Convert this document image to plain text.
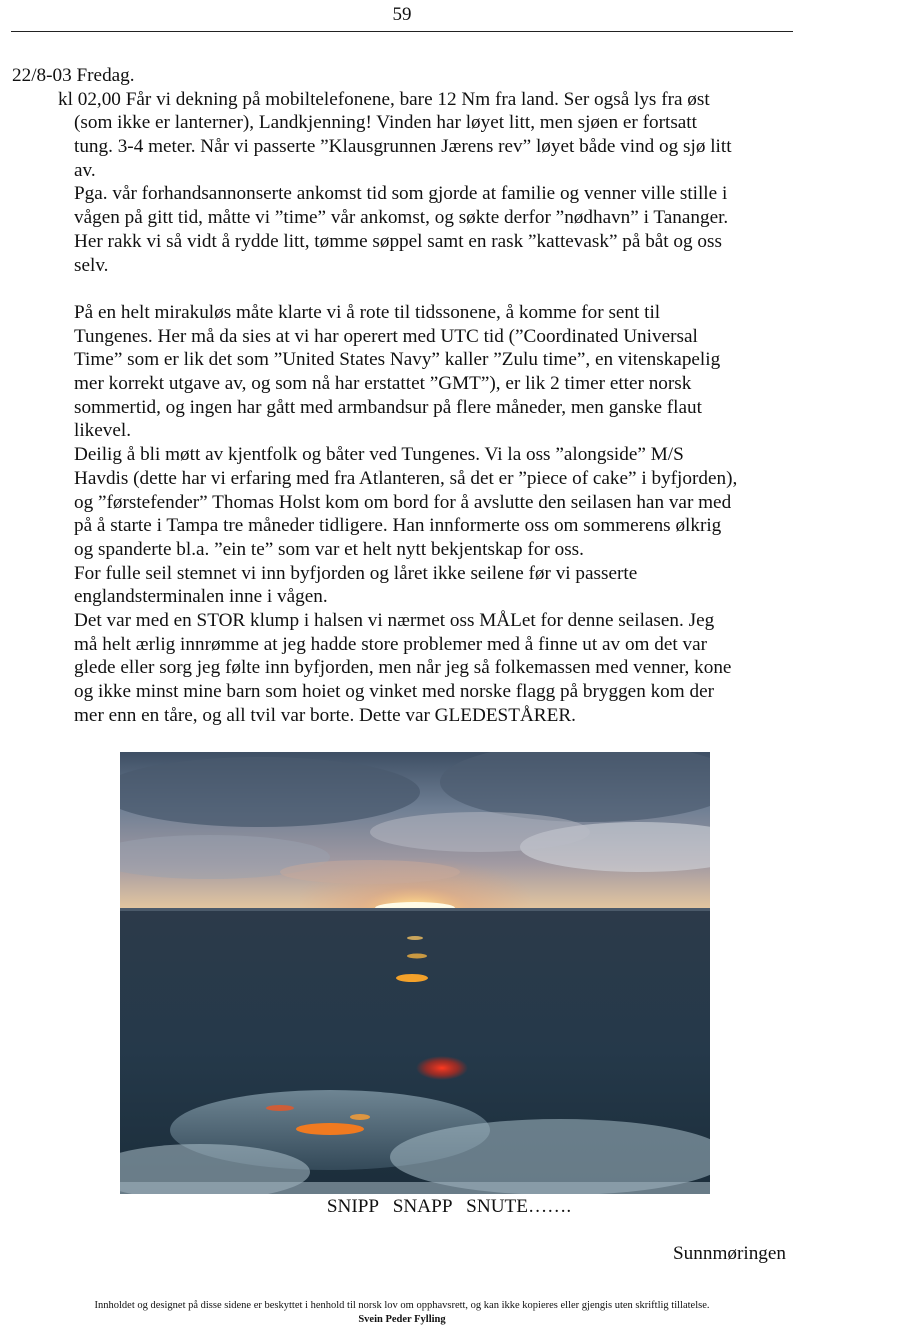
59
22/8-03 Fredag.
kl 02,00 Får vi dekning på mobiltelefonene, bare 12 Nm fra land. Ser også lys fra øst
(som ikke er lanterner), Landkjenning! Vinden har løyet litt, men sjøen er fortsatt
tung. 3-4 meter. Når vi passerte ”Klausgrunnen Jærens rev” løyet både vind og sjø litt
av.
Pga. vår forhandsannonserte ankomst tid som gjorde at familie og venner ville stille i
vågen på gitt tid, måtte vi ”time” vår ankomst, og søkte derfor ”nødhavn” i Tananger.
Her rakk vi så vidt å rydde litt, tømme søppel samt en rask ”kattevask” på båt og oss
selv.
På en helt mirakuløs måte klarte vi å rote til tidssonene, å komme for sent til
Tungenes. Her må da sies at vi har operert med UTC tid (”Coordinated Universal
Time” som er lik det som ”United States Navy” kaller ”Zulu time”, en vitenskapelig
mer korrekt utgave av, og som nå har erstattet ”GMT”), er lik 2 timer etter norsk
sommertid, og ingen har gått med armbandsur på flere måneder, men ganske flaut
likevel.
Deilig å bli møtt av kjentfolk og båter ved Tungenes. Vi la oss ”alongside” M/S
Havdis (dette har vi erfaring med fra Atlanteren, så det er ”piece of cake” i byfjorden),
og ”førstefender” Thomas Holst kom om bord for å avslutte den seilasen han var med
på å starte i Tampa tre måneder tidligere. Han innformerte oss om sommerens ølkrig
og spanderte bl.a. ”ein te” som var et helt nytt bekjentskap for oss.
For fulle seil stemnet vi inn byfjorden og låret ikke seilene før vi passerte
englandsterminalen inne i vågen.
Det var med en STOR klump i halsen vi nærmet oss MÅLet for denne seilasen. Jeg
må helt ærlig innrømme at jeg hadde store problemer med å finne ut av om det var
glede eller sorg jeg følte inn byfjorden, men når jeg så folkemassen med venner, kone
og ikke minst mine barn som hoiet og vinket med norske flagg på bryggen kom der
mer enn en tåre, og all tvil var borte. Dette var GLEDESTÅRER.
SNIPP   SNAPP   SNUTE…….
Sunnmøringen
Innholdet og designet på disse sidene er beskyttet i henhold til norsk lov om opphavsrett, og kan ikke kopieres eller gjengis uten skriftlig tillatelse.
Svein Peder Fylling
